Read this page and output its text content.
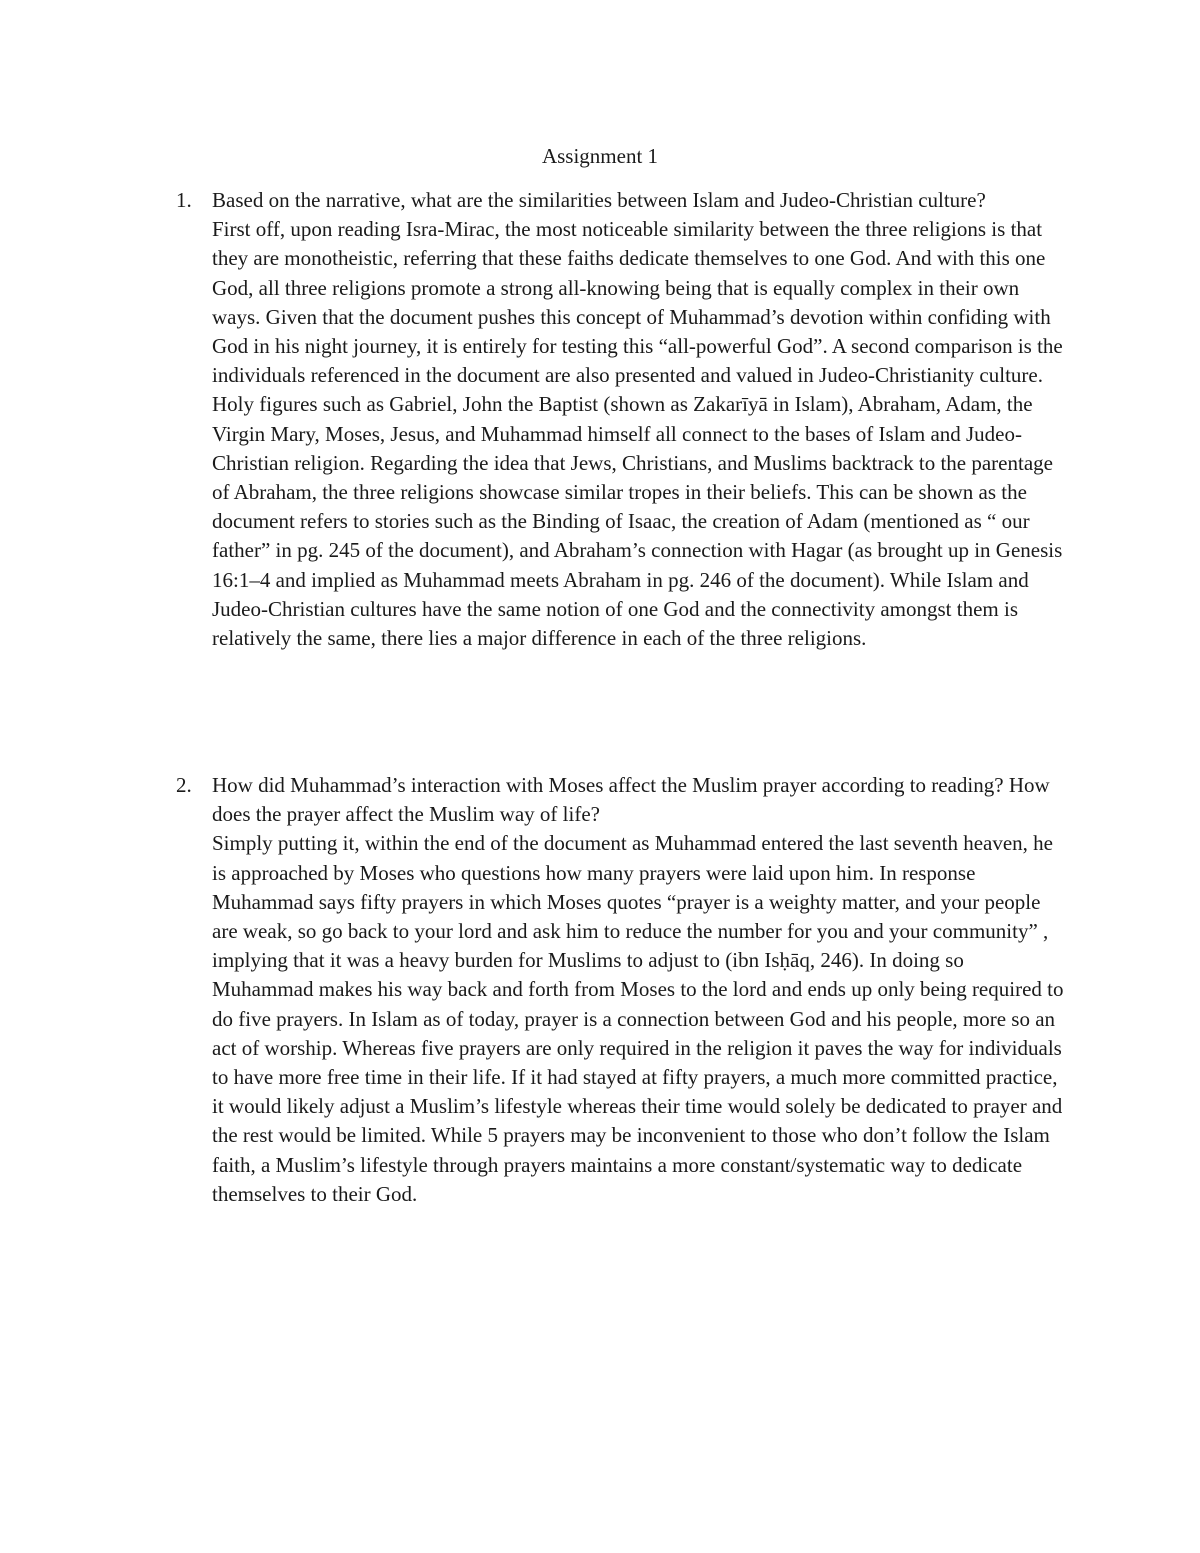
Assignment 1
1. Based on the narrative, what are the similarities between Islam and Judeo-Christian culture?

First off, upon reading Isra-Mirac, the most noticeable similarity between the three religions is that they are monotheistic, referring that these faiths dedicate themselves to one God. And with this one God, all three religions promote a strong all-knowing being that is equally complex in their own ways. Given that the document pushes this concept of Muhammad’s devotion within confiding with God in his night journey, it is entirely for testing this “all-powerful God”. A second comparison is the individuals referenced in the document are also presented and valued in Judeo-Christianity culture. Holy figures such as Gabriel, John the Baptist (shown as Zakarīyā in Islam), Abraham, Adam, the Virgin Mary, Moses, Jesus, and Muhammad himself all connect to the bases of Islam and Judeo-Christian religion. Regarding the idea that Jews, Christians, and Muslims backtrack to the parentage of Abraham, the three religions showcase similar tropes in their beliefs. This can be shown as the document refers to stories such as the Binding of Isaac, the creation of Adam (mentioned as “ our father” in pg. 245 of the document), and Abraham’s connection with Hagar (as brought up in Genesis 16:1–4 and implied as Muhammad meets Abraham in pg. 246 of the document). While Islam and Judeo-Christian cultures have the same notion of one God and the connectivity amongst them is relatively the same, there lies a major difference in each of the three religions.

2. How did Muhammad’s interaction with Moses affect the Muslim prayer according to reading? How does the prayer affect the Muslim way of life?

Simply putting it, within the end of the document as Muhammad entered the last seventh heaven, he is approached by Moses who questions how many prayers were laid upon him. In response Muhammad says fifty prayers in which Moses quotes “prayer is a weighty matter, and your people are weak, so go back to your lord and ask him to reduce the number for you and your community” , implying that it was a heavy burden for Muslims to adjust to (ibn Isḥāq, 246). In doing so Muhammad makes his way back and forth from Moses to the lord and ends up only being required to do five prayers. In Islam as of today, prayer is a connection between God and his people, more so an act of worship. Whereas five prayers are only required in the religion it paves the way for individuals to have more free time in their life. If it had stayed at fifty prayers, a much more committed practice, it would likely adjust a Muslim’s lifestyle whereas their time would solely be dedicated to prayer and the rest would be limited. While 5 prayers may be inconvenient to those who don’t follow the Islam faith, a Muslim’s lifestyle through prayers maintains a more constant/systematic way to dedicate themselves to their God.
